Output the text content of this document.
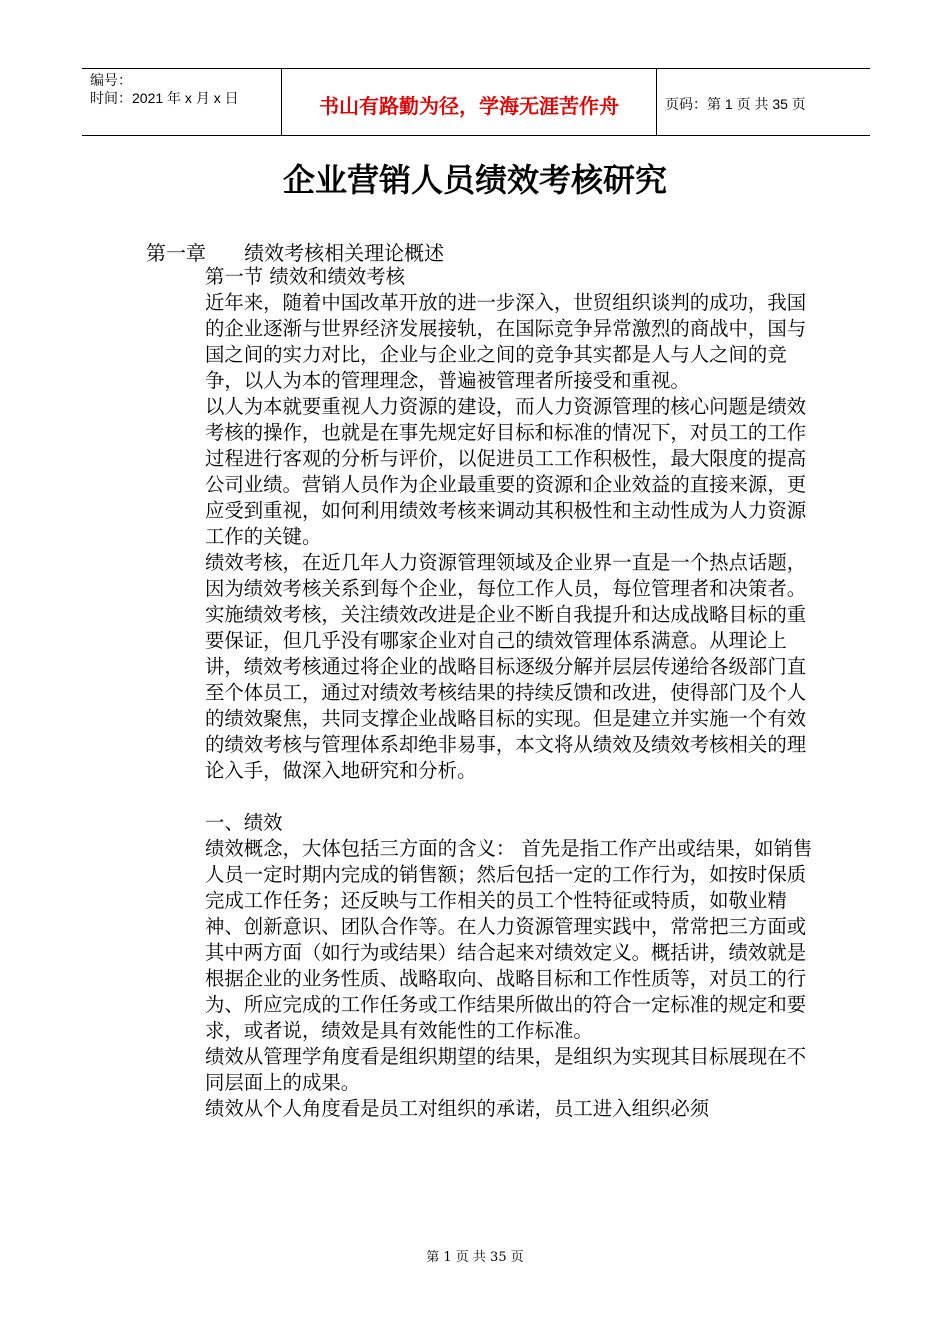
编号：
时间：2021 年 x 月 x 日	书山有路勤为径，学海无涯苦作舟	页码：第 1 页 共 35 页
企业营销人员绩效考核研究
第一章      绩效考核相关理论概述

第一节 绩效和绩效考核

近年来，随着中国改革开放的进一步深入，世贸组织谈判的成功，我国的企业逐渐与世界经济发展接轨，在国际竞争异常激烈的商战中，国与国之间的实力对比，企业与企业之间的竞争其实都是人与人之间的竞争，以人为本的管理理念，普遍被管理者所接受和重视。

以人为本就要重视人力资源的建设，而人力资源管理的核心问题是绩效考核的操作，也就是在事先规定好目标和标准的情况下，对员工的工作过程进行客观的分析与评价，以促进员工工作积极性，最大限度的提高公司业绩。营销人员作为企业最重要的资源和企业效益的直接来源，更应受到重视，如何利用绩效考核来调动其积极性和主动性成为人力资源工作的关键。

绩效考核，在近几年人力资源管理领域及企业界一直是一个热点话题，因为绩效考核关系到每个企业，每位工作人员，每位管理者和决策者。实施绩效考核，关注绩效改进是企业不断自我提升和达成战略目标的重要保证，但几乎没有哪家企业对自己的绩效管理体系满意。从理论上讲，绩效考核通过将企业的战略目标逐级分解并层层传递给各级部门直至个体员工，通过对绩效考核结果的持续反馈和改进，使得部门及个人的绩效聚焦，共同支撑企业战略目标的实现。但是建立并实施一个有效的绩效考核与管理体系却绝非易事，本文将从绩效及绩效考核相关的理论入手，做深入地研究和分析。

一、绩效

绩效概念，大体包括三方面的含义： 首先是指工作产出或结果，如销售人员一定时期内完成的销售额；然后包括一定的工作行为，如按时保质完成工作任务；还反映与工作相关的员工个性特征或特质，如敬业精神、创新意识、团队合作等。在人力资源管理实践中，常常把三方面或其中两方面（如行为或结果）结合起来对绩效定义。概括讲，绩效就是根据企业的业务性质、战略取向、战略目标和工作性质等，对员工的行为、所应完成的工作任务或工作结果所做出的符合一定标准的规定和要求，或者说，绩效是具有效能性的工作标准。

绩效从管理学角度看是组织期望的结果，是组织为实现其目标展现在不同层面上的成果。

绩效从个人角度看是员工对组织的承诺，员工进入组织必须

第 1 页 共 35 页
